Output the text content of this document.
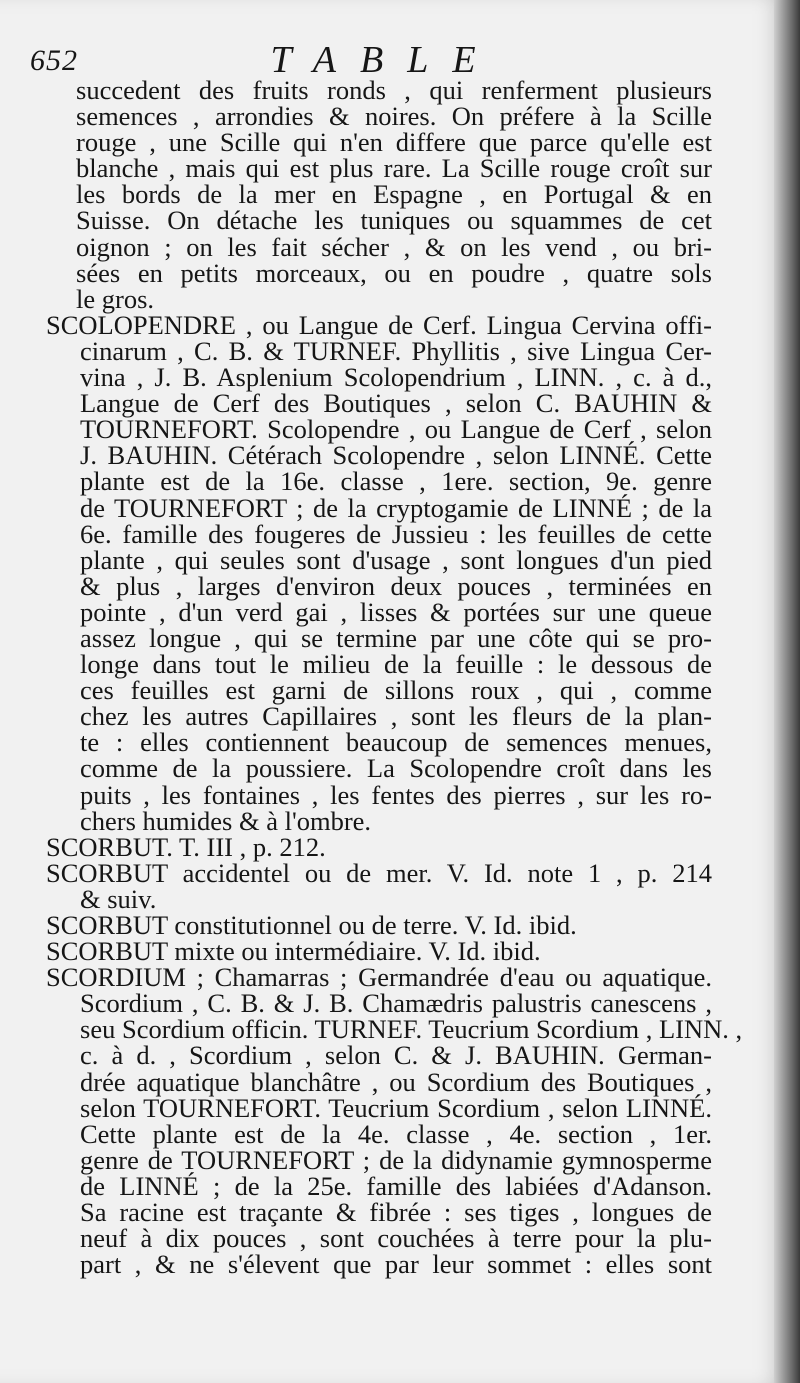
652	TABLE
succedent des fruits ronds , qui renferment plusieurs
semences , arrondies & noires. On préfere à la Scille
rouge , une Scille qui n'en differe que parce qu'elle est
blanche , mais qui est plus rare. La Scille rouge croît sur
les bords de la mer en Espagne , en Portugal & en
Suisse. On détache les tuniques ou squammes de cet
oignon ; on les fait sécher , & on les vend , ou bri-
sées en petits morceaux, ou en poudre , quatre sols
le gros.
SCOLOPENDRE , ou Langue de Cerf. Lingua Cervina offi-
cinarum , C. B. & TURNEF. Phyllitis , sive Lingua Cer-
vina , J. B. Asplenium Scolopendrium , LINN. , c. à d.,
Langue de Cerf des Boutiques , selon C. BAUHIN &
TOURNEFORT. Scolopendre , ou Langue de Cerf , selon
J. BAUHIN. Cétérach Scolopendre , selon LINNÉ. Cette
plante est de la 16e. classe , 1ere. section, 9e. genre
de TOURNEFORT ; de la cryptogamie de LINNÉ ; de la
6e. famille des fougeres de Jussieu : les feuilles de cette
plante , qui seules sont d'usage , sont longues d'un pied
& plus , larges d'environ deux pouces , terminées en
pointe , d'un verd gai , lisses & portées sur une queue
assez longue , qui se termine par une côte qui se pro-
longe dans tout le milieu de la feuille : le dessous de
ces feuilles est garni de sillons roux , qui , comme
chez les autres Capillaires , sont les fleurs de la plan-
te : elles contiennent beaucoup de semences menues,
comme de la poussiere. La Scolopendre croît dans les
puits , les fontaines , les fentes des pierres , sur les ro-
chers humides & à l'ombre.
SCORBUT. T. III , p. 212.
SCORBUT accidentel ou de mer. V. Id. note 1 , p. 214
& suiv.
SCORBUT constitutionnel ou de terre. V. Id. ibid.
SCORBUT mixte ou intermédiaire. V. Id. ibid.
SCORDIUM ; Chamarras ; Germandrée d'eau ou aquatique.
Scordium , C. B. & J. B. Chamædris palustris canescens ,
seu Scordium officin. TURNEF. Teucrium Scordium , LINN. ,
c. à d. , Scordium , selon C. & J. BAUHIN. German-
drée aquatique blanchâtre , ou Scordium des Boutiques ,
selon TOURNEFORT. Teucrium Scordium , selon LINNÉ.
Cette plante est de la 4e. classe , 4e. section , 1er.
genre de TOURNEFORT ; de la didynamie gymnosperme
de LINNÉ ; de la 25e. famille des labiées d'Adanson.
Sa racine est traçante & fibrée : ses tiges , longues de
neuf à dix pouces , sont couchées à terre pour la plu-
part , & ne s'élevent que par leur sommet : elles sont
